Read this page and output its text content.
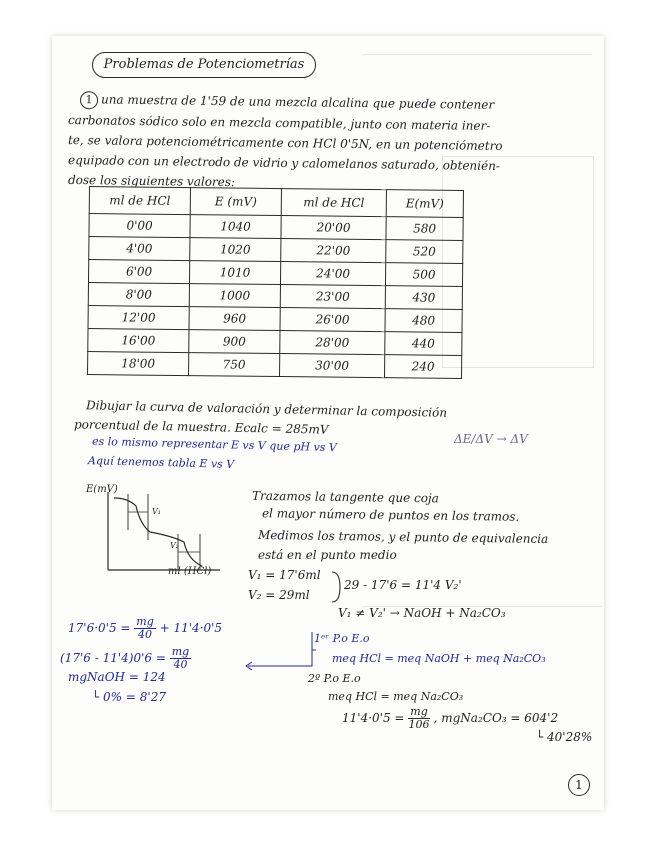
Problemas de Potenciometrías
1 una muestra de 1'59 de una mezcla alcalina que puede contener
carbonatos sódico solo en mezcla compatible, junto con materia iner-
te, se valora potenciométricamente con HCl 0'5N, en un potenciómetro
equipado con un electrodo de vidrio y calomelanos saturado, obtenién-
dose los siguientes valores:
ml de HCl	E (mV)	ml de HCl	E(mV)
0'00	1040	20'00	580
4'00	1020	22'00	520
6'00	1010	24'00	500
8'00	1000	23'00	430
12'00	960	26'00	480
16'00	900	28'00	440
18'00	750	30'00	240
Dibujar la curva de valoración y determinar la composición
porcentual de la muestra. Ecalc = 285mV
es lo mismo representar E vs V que pH vs V
Aquí tenemos tabla E vs V
ΔE/ΔV → ΔV
V₂
V₁
E(mV)
ml (HCl)
Trazamos la tangente que coja
el mayor número de puntos en los tramos.
Medimos los tramos, y el punto de equivalencia
está en el punto medio
V₁ = 17'6ml
V₂ = 29ml
29 - 17'6 = 11'4 V₂'
V₁ ≠ V₂' → NaOH + Na₂CO₃
$17'6\cdot 0'5 = \frac{mg}{40} + 11'4\cdot 0'5$
$(17'6 - 11'4)0'6 = \frac{mg}{40}$
1ᵉʳ P.o E.o
meq HCl = meq NaOH + meq Na₂CO₃
mgNaOH = 124
└ 0% = 8'27
2º P.o E.o
meq HCl = meq Na₂CO₃
$11'4\cdot 0'5 = \frac{mg}{106}$ , mgNa₂CO₃ = 604'2
└ 40'28%
1
